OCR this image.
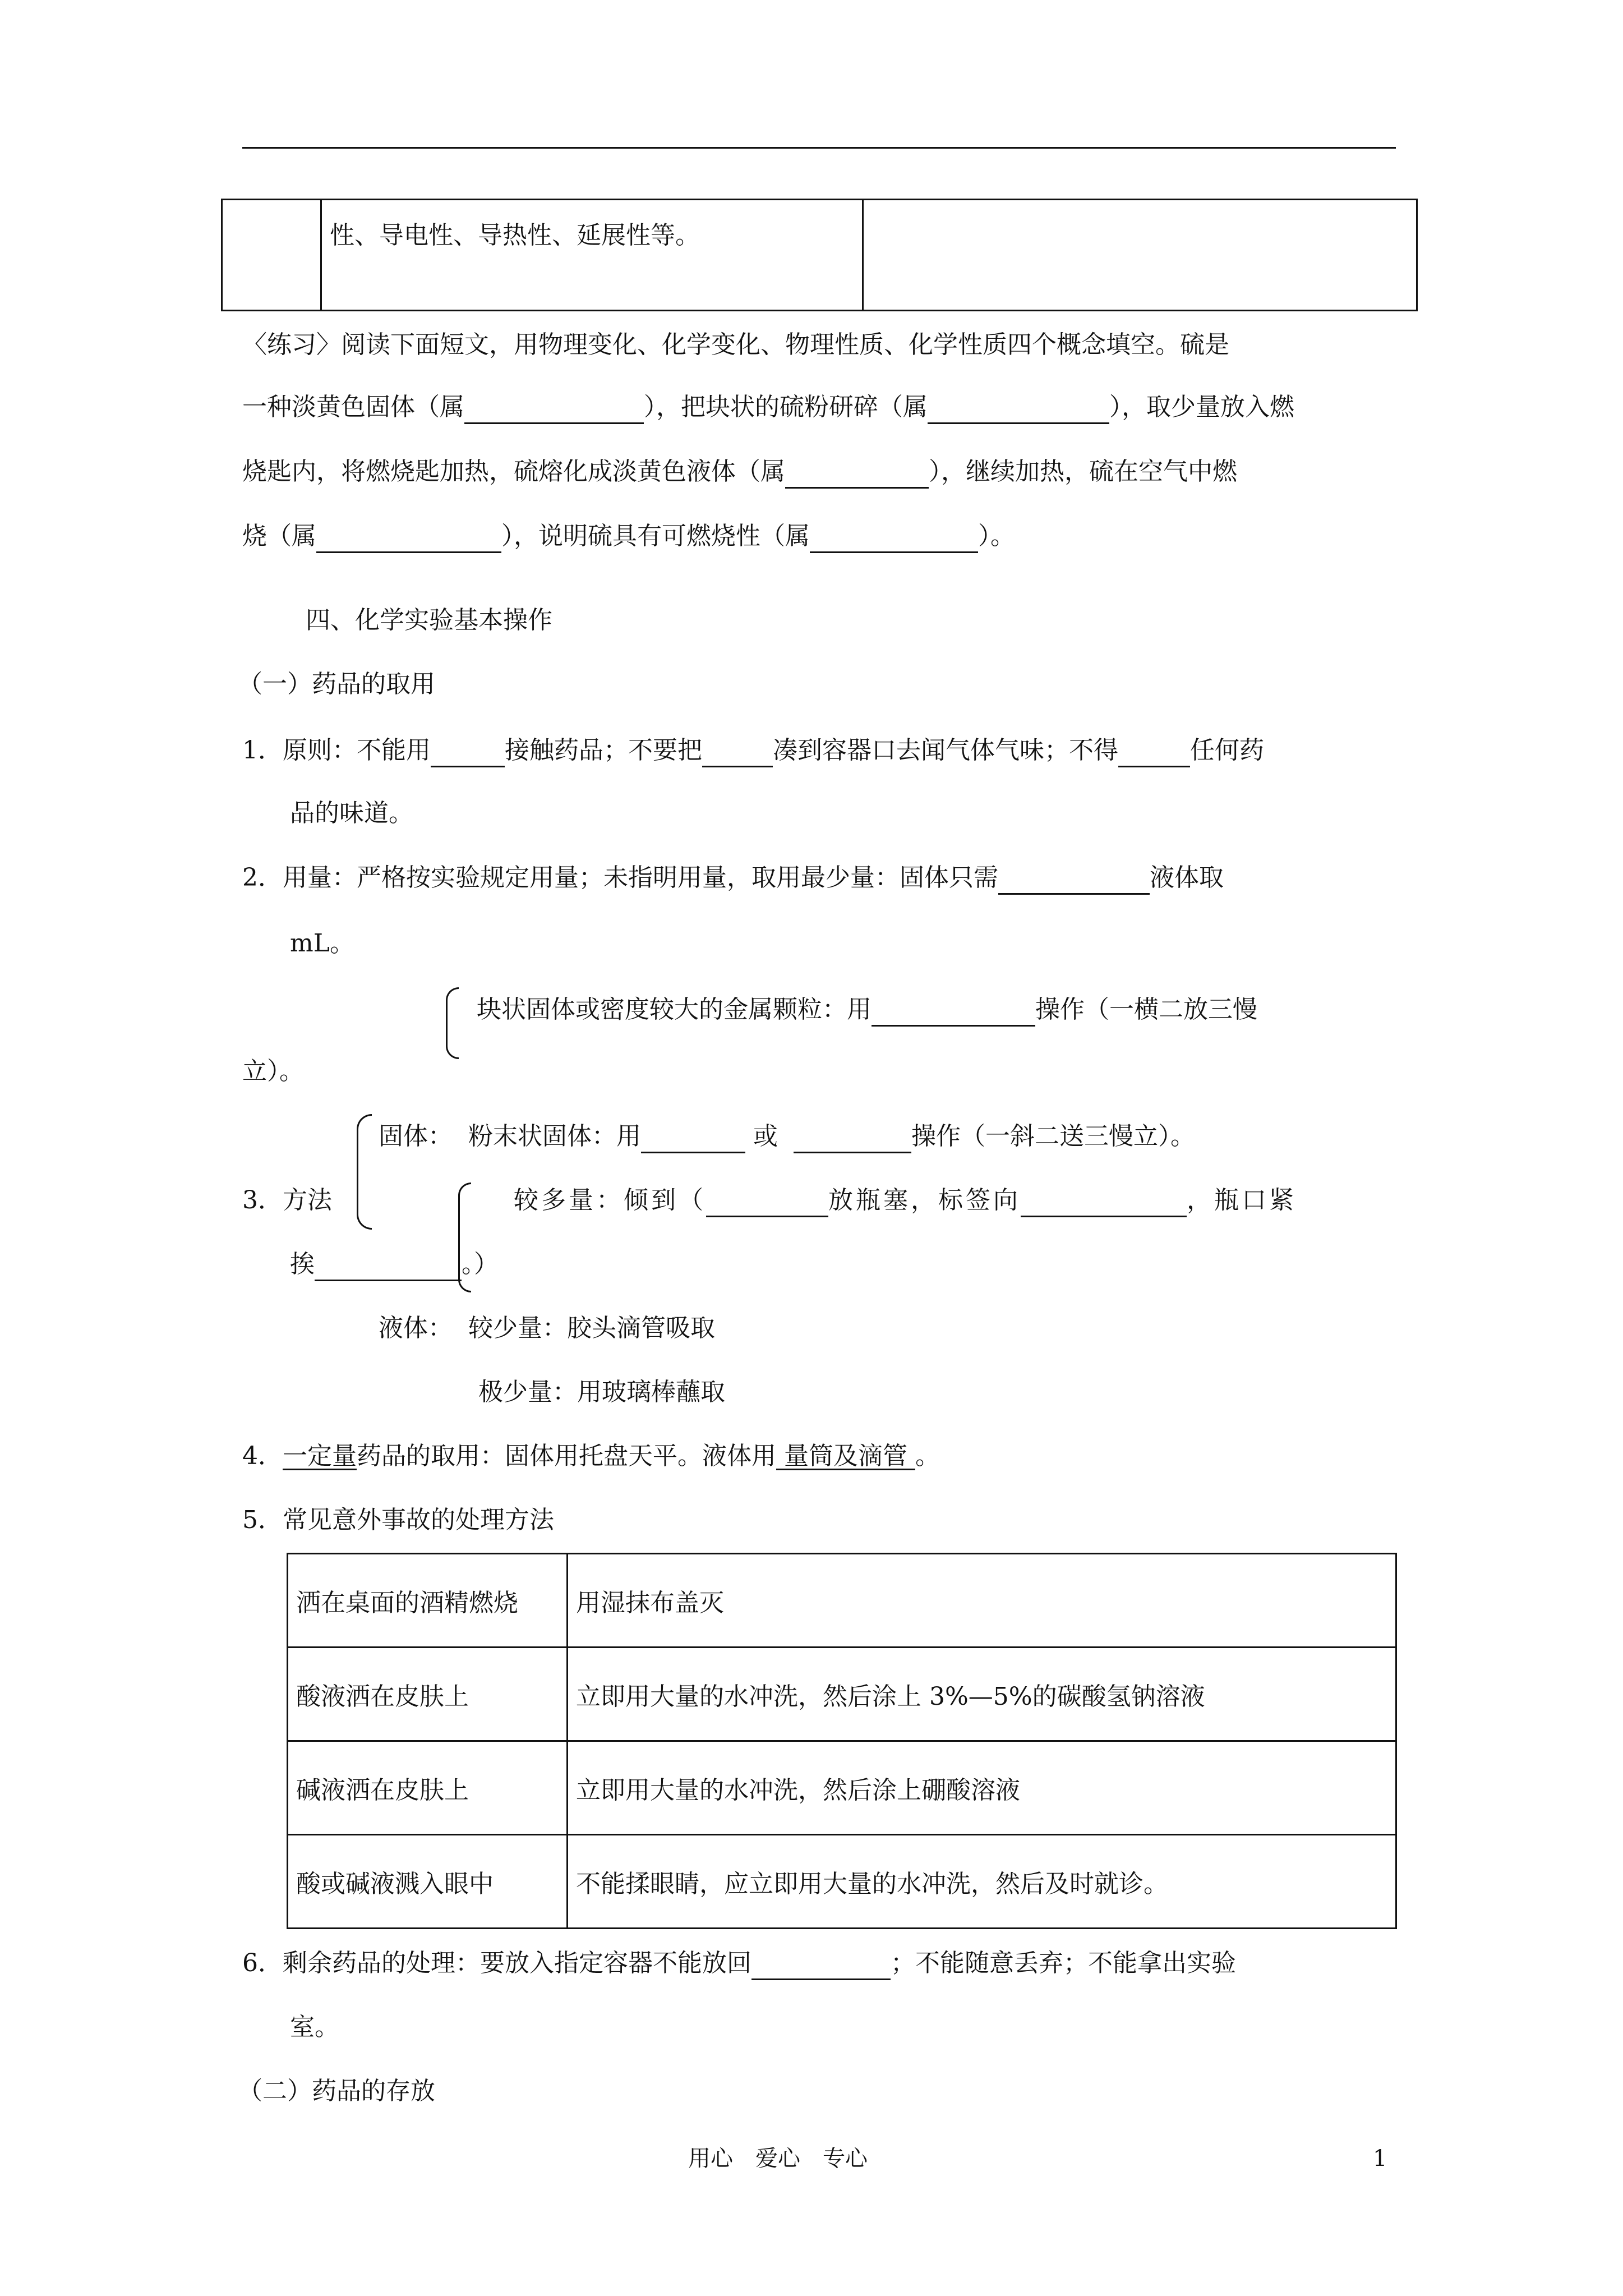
	性、导电性、导热性、延展性等。	
〈练习〉阅读下面短文，用物理变化、化学变化、物理性质、化学性质四个概念填空。硫是
一种淡黄色固体（属	），把块状的硫粉研碎（属	），取少量放入燃
烧匙内，将燃烧匙加热，硫熔化成淡黄色液体（属	），继续加热，硫在空气中燃
烧（属	），说明硫具有可燃烧性（属	）。
四、化学实验基本操作
（一）药品的取用
1．原则：不能用	接触药品；不要把	凑到容器口去闻气体气味；不得	任何药
品的味道。
2．用量：严格按实验规定用量；未指明用量，取用最少量：固体只需	液体取
mL。
块状固体或密度较大的金属颗粒：用	操作（一横二放三慢
立）。
固体： 粉末状固体：用	或	操作（一斜二送三慢立）。
3．方法	较多量：倾到（	放瓶塞，标签向	，瓶口紧
挨	。）
液体： 较少量：胶头滴管吸取
极少量：用玻璃棒蘸取
4．一定量药品的取用：固体用托盘天平。液体用 量筒及滴管 。
5．常见意外事故的处理方法
洒在桌面的酒精燃烧	用湿抹布盖灭
酸液洒在皮肤上	立即用大量的水冲洗，然后涂上 3%—5%的碳酸氢钠溶液
碱液洒在皮肤上	立即用大量的水冲洗，然后涂上硼酸溶液
酸或碱液溅入眼中	不能揉眼睛，应立即用大量的水冲洗，然后及时就诊。
6．剩余药品的处理：要放入指定容器不能放回	；不能随意丢弃；不能拿出实验
室。
（二）药品的存放
用心　爱心　专心	1
